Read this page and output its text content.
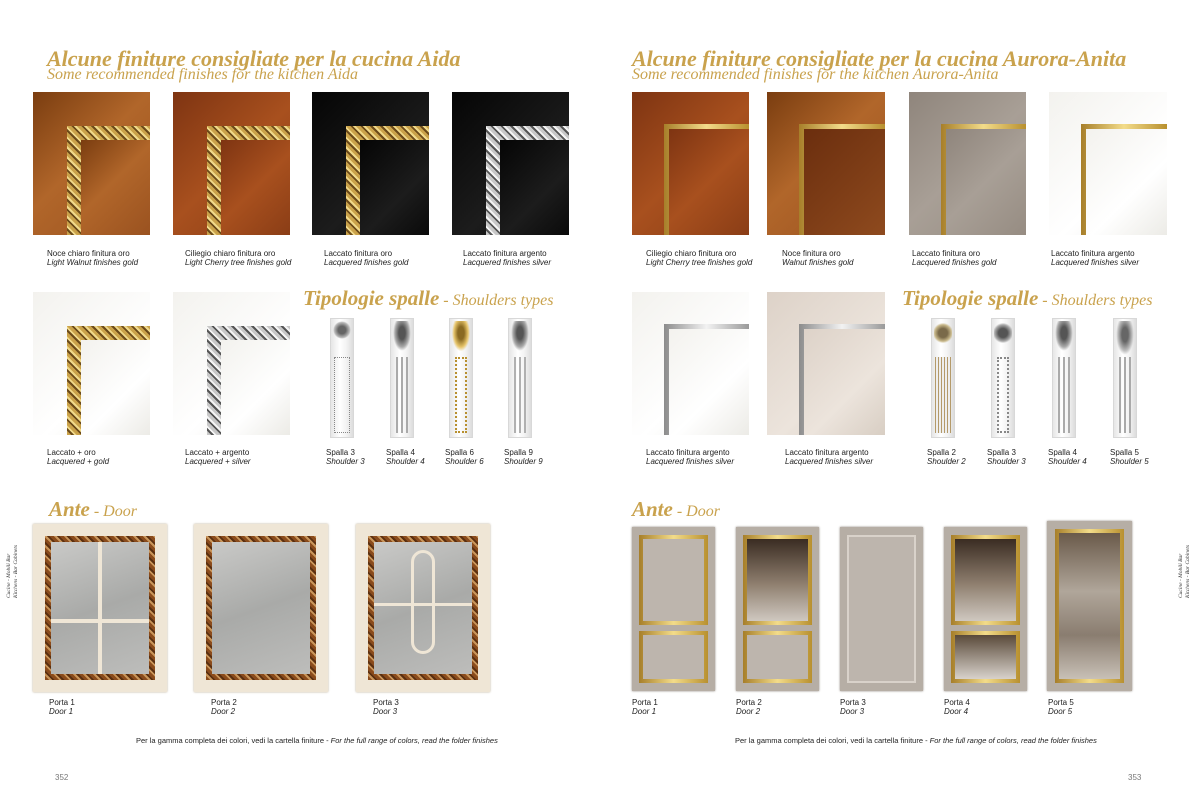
Alcune finiture consigliate per la cucina Aida
Some recommended finishes for the kitchen Aida
Noce chiaro finitura oro
Light Walnut finishes gold
Ciliegio chiaro finitura oro
Light Cherry tree finishes gold
Laccato finitura oro
Lacquered finishes gold
Laccato finitura argento
Lacquered finishes silver
Laccato + oro
Lacquered + gold
Laccato + argento
Lacquered + silver
Tipologie spalle - Shoulders types
Spalla 3
Shoulder 3
Spalla 4
Shoulder 4
Spalla 6
Shoulder 6
Spalla 9
Shoulder 9
Ante - Door
Porta 1
Door 1
Porta 2
Door 2
Porta 3
Door 3
Per la gamma completa dei colori, vedi la cartella finiture - For the full range of colors, read the folder finishes
352
Cucine - Mobili Bar Kitchens - Bar Cabinets
Alcune finiture consigliate per la cucina Aurora-Anita
Some recommended finishes for the kitchen Aurora-Anita
Ciliegio chiaro finitura oro
Light Cherry tree finishes gold
Noce finitura oro
Walnut finishes gold
Laccato finitura oro
Lacquered finishes gold
Laccato finitura argento
Lacquered finishes silver
Laccato finitura argento
Lacquered finishes silver
Laccato finitura argento
Lacquered finishes silver
Tipologie spalle - Shoulders types
Spalla 2
Shoulder 2
Spalla 3
Shoulder 3
Spalla 4
Shoulder 4
Spalla 5
Shoulder 5
Ante - Door
Porta 1
Door 1
Porta 2
Door 2
Porta 3
Door 3
Porta 4
Door 4
Porta 5
Door 5
Per la gamma completa dei colori, vedi la cartella finiture - For the full range of colors, read the folder finishes
353
Cucine - Mobili Bar Kitchens - Bar Cabinets
